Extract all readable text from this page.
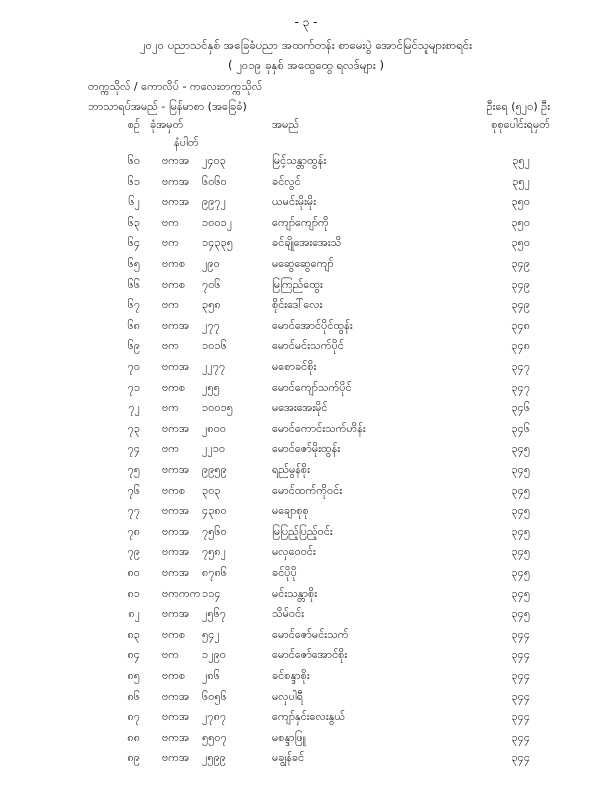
- ၃ -
၂၀၂၀ ပညာသင်နှစ် အခြေခံပညာ အထက်တန်း စာမေးပွဲ အောင်မြင်သူများစာရင်း
( ၂၀၁၉ ခုနှစ် အထွေထွေ ရလဒ်များ )
တက္ကသိုလ် / ကောလိပ် - ကလေးတက္ကသိုလ်
ဘာသာရပ်အမည် - မြန်မာစာ (အခြေခံ)	ဦးရေ (၅၂၀) ဦး
စဉ် ခုံအမှတ်	အမည်	စုစုပေါင်းရမှတ်
နံပါတ်
၆၀ ဗကအ	၂၄၀၃	မြင့်သန္တာထွန်း	၃၅၂
၆၁ ဗကအ	၆၀၆၀	ခင်လွင်	၃၅၂
၆၂ ဗကအ	၉၉၇၂	ယမင်းမိုးမိုး	၃၅၀
၆၃ ဗက	၁၀၀၁၂	ကျော်ကျော်ကို	၃၅၀
၆၄ ဗက	၁၄၃၃၅	ခင်ချိုအေးအေးသိ	၃၅၀
၆၅ ဗကစ	၂၉၀	မဆွေဆွေကျော်	၃၄၉
၆၆ ဗကစ	၇၀၆	မြကြည်ထွေး	၃၄၉
၆၇ ဗက	၃၅၈	စိုင်းဒေါ်လေး	၃၄၉
၆၈ ဗကအ	၂၇၇	မောင်အောင်ပိုင်ထွန်း	၃၄၈
၆၉ ဗက	၁၀၁၆	မောင်မင်းသက်ပိုင်	၃၄၈
၇၀ ဗကအ	၂၂၇၇	မစောခင်စိုး	၃၄၇
၇၁ ဗကစ	၂၅၅	မောင်ကျော်သက်ပိုင်	၃၄၇
၇၂ ဗက	၁၀၀၁၅	မအေးအေးမိုင်	၃၄၆
၇၃ ဗကအ	၂၈၀၀	မောင်ကောင်းသက်ဟိန်း	၃၄၆
၇၄ ဗက	၂၂၁၀	မောင်ဇော်မိုးထွန်း	၃၄၅
၇၅ ဗကအ	၉၉၅၉	ရည်မွန်စိုး	၃၄၅
၇၆ ဗကစ	၃၀၃	မောင်ထက်ကိုဝင်း	၃၄၅
၇၇ ဗကအ	၄၃၈၀	မချောစုစု	၃၄၅
၇၈ ဗကအ	၇၅၆၀	မြပြည့်ပြည့်ဝင်း	၃၄၅
၇၉ ဗကအ	၇၅၈၂	မလှဝေဝင်း	၃၄၅
၈၀ ဗကအ	၈၇၈၆	ခင်ပိုပို	၃၄၅
၈၁ ဗကကက ၁၁၄	မင်းသန္တာစိုး	၃၄၅
၈၂ ဗကအ	၂၅၆၇	သိမ်ဝင်း	၃၄၅
၈၃ ဗကစ	၅၄၂	မောင်ဇော်မင်းသက်	၃၄၄
၈၄ ဗက	၁၂၉၀	မောင်ဇော်အောင်စိုး	၃၄၄
၈၅ ဗကစ	၂၈၆	ခင်စန္ဒာစိုး	၃၄၄
၈၆ ဗကအ	၆၀၅၆	မလှပါရီ	၃၄၄
၈၇ ဗကအ	၂၇၈၇	ကျော်နှင်းလေးနွယ်	၃၄၄
၈၈ ဗကအ	၅၅၀၇	မစန္ဒာဖြူ	၃၄၄
၈၉ ဗကအ	၂၅၉၉	မချွန်ခင်	၃၄၄
